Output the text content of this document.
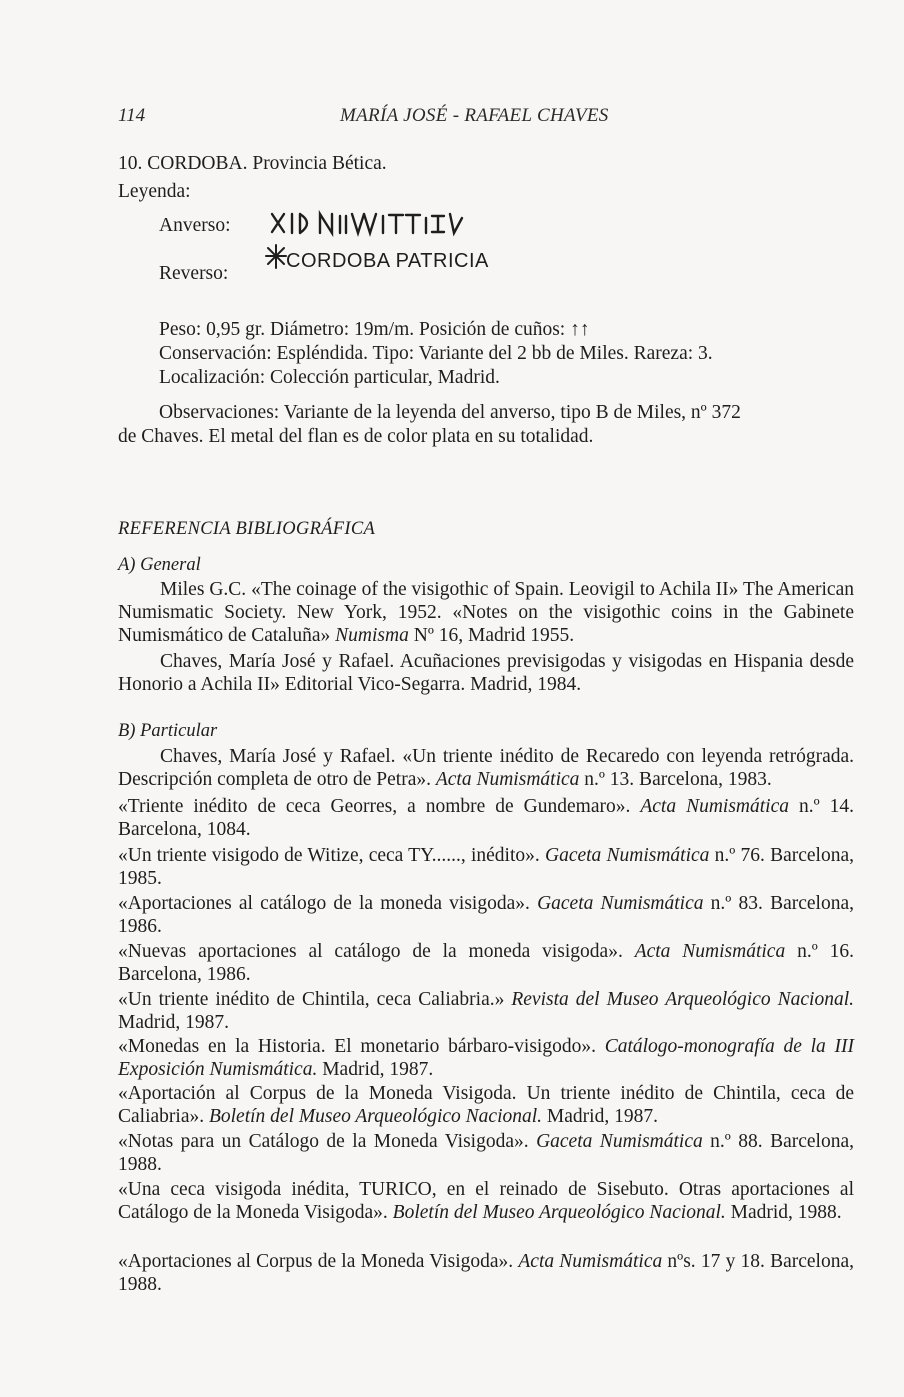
114	MARÍA JOSÉ - RAFAEL CHAVES
10. CORDOBA. Provincia Bética.
Leyenda:
Anverso:
Reverso:	X IDNIIVVITTI IV
CORDOBA PATRICIA
Peso: 0,95 gr. Diámetro: 19m/m. Posición de cuños: ↑↑
Conservación: Espléndida. Tipo: Variante del 2 bb de Miles. Rareza: 3.
Localización: Colección particular, Madrid.
Observaciones: Variante de la leyenda del anverso, tipo B de Miles, nº 372
de Chaves. El metal del flan es de color plata en su totalidad.
REFERENCIA BIBLIOGRÁFICA
A) General
Miles G.C. «The coinage of the visigothic of Spain. Leovigil to Achila II» The American Numismatic Society. New York, 1952. «Notes on the visigothic coins in the Gabinete Numismático de Cataluña» Numisma Nº 16, Madrid 1955.
Chaves, María José y Rafael. Acuñaciones previsigodas y visigodas en Hispania desde Honorio a Achila II» Editorial Vico-Segarra. Madrid, 1984.
B) Particular
Chaves, María José y Rafael. «Un triente inédito de Recaredo con leyenda retrógrada. Descripción completa de otro de Petra». Acta Numismática n.º 13. Barcelona, 1983.
«Triente inédito de ceca Georres, a nombre de Gundemaro». Acta Numismática n.º 14. Barcelona, 1084.
«Un triente visigodo de Witize, ceca TY......, inédito». Gaceta Numismática n.º 76. Barcelona, 1985.
«Aportaciones al catálogo de la moneda visigoda». Gaceta Numismática n.º 83. Barcelona, 1986.
«Nuevas aportaciones al catálogo de la moneda visigoda». Acta Numismática n.º 16. Barcelona, 1986.
«Un triente inédito de Chintila, ceca Caliabria.» Revista del Museo Arqueológico Nacional. Madrid, 1987.
«Monedas en la Historia. El monetario bárbaro-visigodo». Catálogo-monografía de la III Exposición Numismática. Madrid, 1987.
«Aportación al Corpus de la Moneda Visigoda. Un triente inédito de Chintila, ceca de Caliabria». Boletín del Museo Arqueológico Nacional. Madrid, 1987.
«Notas para un Catálogo de la Moneda Visigoda». Gaceta Numismática n.º 88. Barcelona, 1988.
«Una ceca visigoda inédita, TURICO, en el reinado de Sisebuto. Otras aportaciones al Catálogo de la Moneda Visigoda». Boletín del Museo Arqueológico Nacional. Madrid, 1988.
«Aportaciones al Corpus de la Moneda Visigoda». Acta Numismática nºs. 17 y 18. Barcelona, 1988.
